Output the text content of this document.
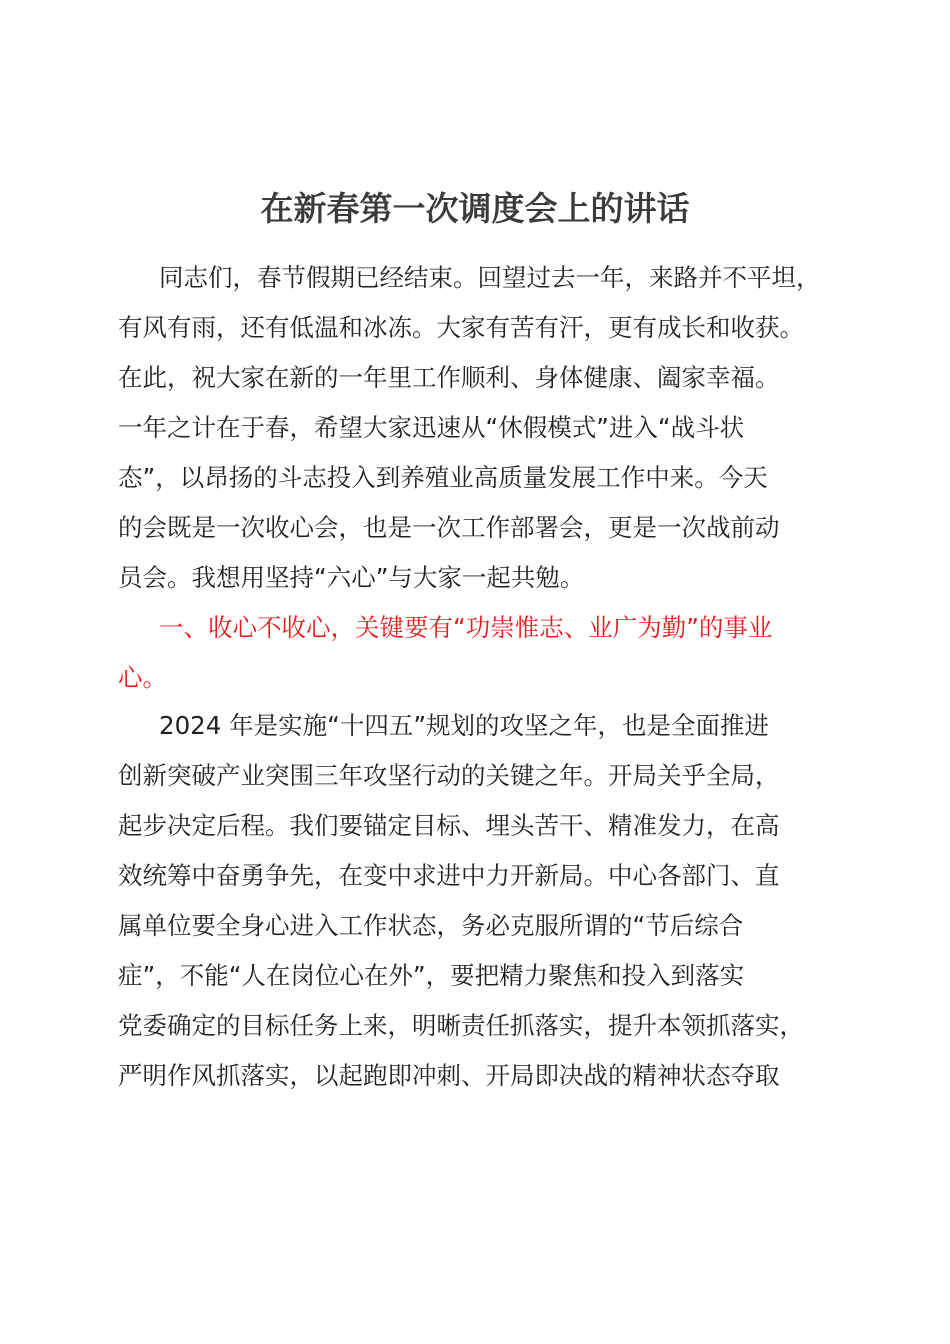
在新春第一次调度会上的讲话
同志们，春节假期已经结束。回望过去一年，来路并不平坦，
有风有雨，还有低温和冰冻。大家有苦有汗，更有成长和收获。
在此，祝大家在新的一年里工作顺利、身体健康、阖家幸福。
一年之计在于春，希望大家迅速从“休假模式”进入“战斗状
态”，以昂扬的斗志投入到养殖业高质量发展工作中来。今天
的会既是一次收心会，也是一次工作部署会，更是一次战前动
员会。我想用坚持“六心”与大家一起共勉。
一、收心不收心，关键要有“功崇惟志、业广为勤”的事业
心。
2024 年是实施“十四五”规划的攻坚之年，也是全面推进
创新突破产业突围三年攻坚行动的关键之年。开局关乎全局，
起步决定后程。我们要锚定目标、埋头苦干、精准发力，在高
效统筹中奋勇争先，在变中求进中力开新局。中心各部门、直
属单位要全身心进入工作状态，务必克服所谓的“节后综合
症”，不能“人在岗位心在外”，要把精力聚焦和投入到落实
党委确定的目标任务上来，明晰责任抓落实，提升本领抓落实，
严明作风抓落实，以起跑即冲刺、开局即决战的精神状态夺取
